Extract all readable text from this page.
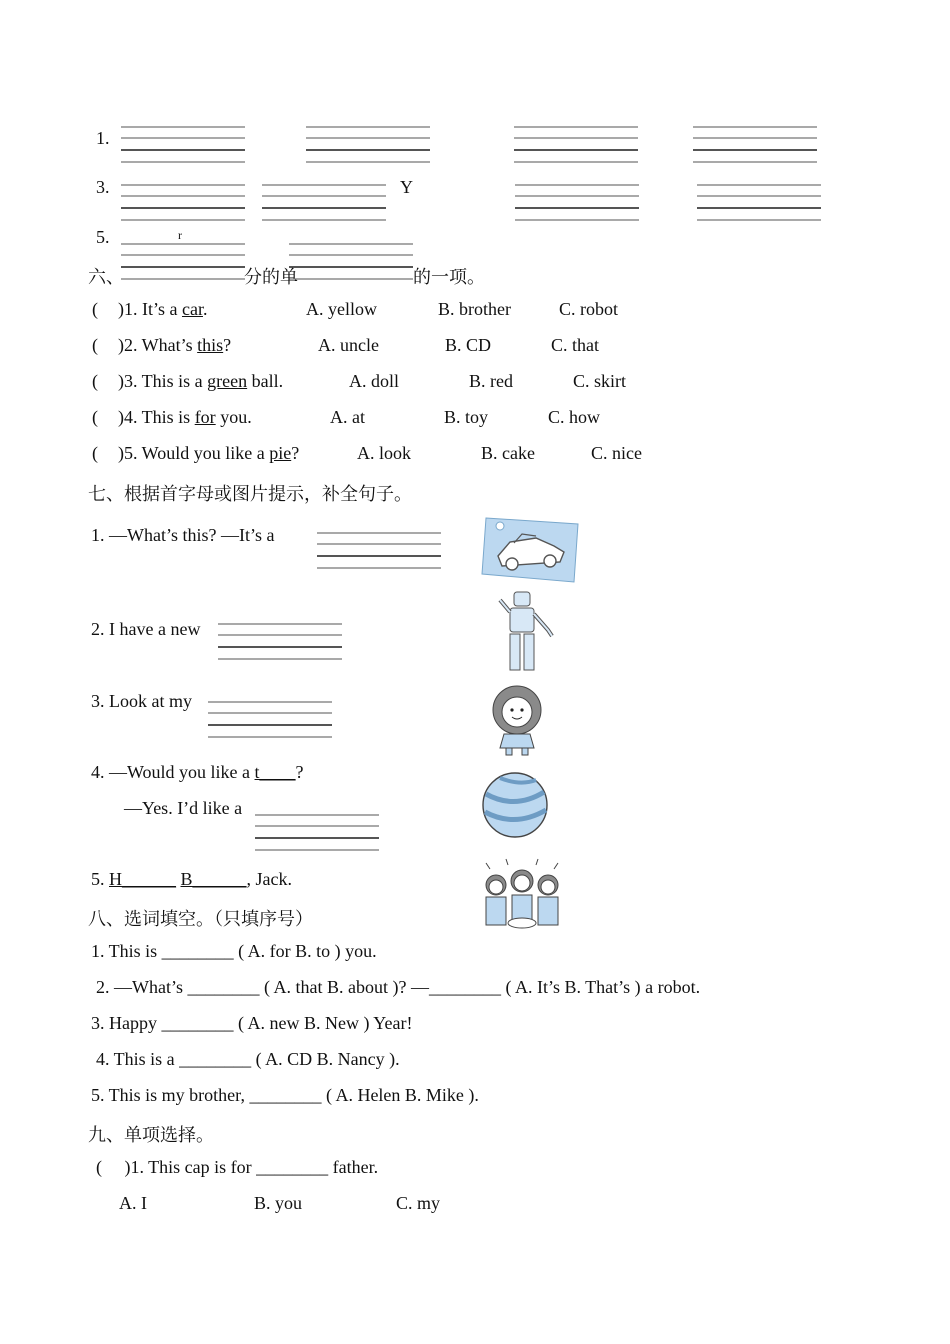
1.
3.	Y
5.	r
六、	分的单	的一项。
( )1. It’s a car.	A. yellow	B. brother	C. robot
( )2. What’s this?	A. uncle	B. CD	C. that
( )3. This is a green ball.	A. doll	B. red	C. skirt
( )4. This is for you.	A. at	B. toy	C. how
( )5. Would you like a pie?	A. look	B. cake	C. nice
七、根据首字母或图片提示，补全句子。
1. —What’s this? —It’s a
2. I have a new
3. Look at my
4. —Would you like a t____?
—Yes. I’d like a
5. H______ B______, Jack.
八、选词填空。（只填序号）
1. This is ________ ( A. for B. to ) you.
2. —What’s ________ ( A. that B. about )? —________ ( A. It’s B. That’s ) a robot.
3. Happy ________ ( A. new B. New ) Year!
4. This is a ________ ( A. CD B. Nancy ).
5. This is my brother, ________ ( A. Helen B. Mike ).
九、单项选择。
(     )1. This cap is for ________ father.
A. I	B. you	C. my
